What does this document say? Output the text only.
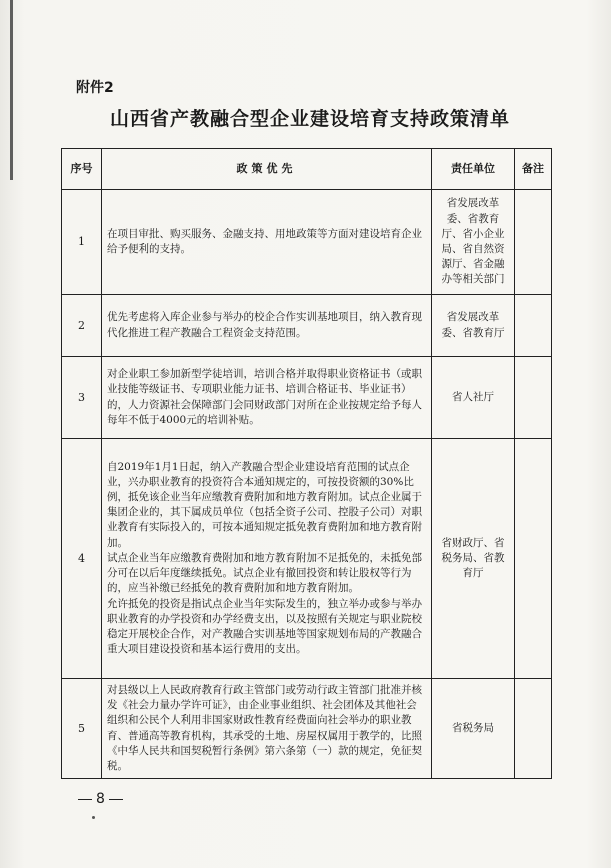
附件2
山西省产教融合型企业建设培育支持政策清单
序号	政策优先	责任单位	备注
1	在项目审批、购买服务、金融支持、用地政策等方面对建设培育企业给予便利的支持。	省发展改革委、省教育厅、省小企业局、省自然资源厅、省金融办等相关部门	
2	优先考虑将入库企业参与举办的校企合作实训基地项目，纳入教育现代化推进工程产教融合工程资金支持范围。	省发展改革委、省教育厅	
3	对企业职工参加新型学徒培训，培训合格并取得职业资格证书（或职业技能等级证书、专项职业能力证书、培训合格证书、毕业证书）的，人力资源社会保障部门会同财政部门对所在企业按规定给予每人每年不低于4000元的培训补贴。	省人社厅	
4	自2019年1月1日起，纳入产教融合型企业建设培育范围的试点企业，兴办职业教育的投资符合本通知规定的，可按投资额的30%比例，抵免该企业当年应缴教育费附加和地方教育附加。试点企业属于集团企业的，其下属成员单位（包括全资子公司、控股子公司）对职业教育有实际投入的，可按本通知规定抵免教育费附加和地方教育附加。

试点企业当年应缴教育费附加和地方教育附加不足抵免的，未抵免部分可在以后年度继续抵免。试点企业有撤回投资和转让股权等行为的，应当补缴已经抵免的教育费附加和地方教育附加。

允许抵免的投资是指试点企业当年实际发生的，独立举办或参与举办职业教育的办学投资和办学经费支出，以及按照有关规定与职业院校稳定开展校企合作，对产教融合实训基地等国家规划布局的产教融合重大项目建设投资和基本运行费用的支出。	省财政厅、省税务局、省教育厅	
5	对县级以上人民政府教育行政主管部门或劳动行政主管部门批准并核发《社会力量办学许可证》，由企业事业组织、社会团体及其他社会组织和公民个人利用非国家财政性教育经费面向社会举办的职业教育、普通高等教育机构，其承受的土地、房屋权属用于教学的，比照《中华人民共和国契税暂行条例》第六条第（一）款的规定，免征契税。	省税务局	
8
